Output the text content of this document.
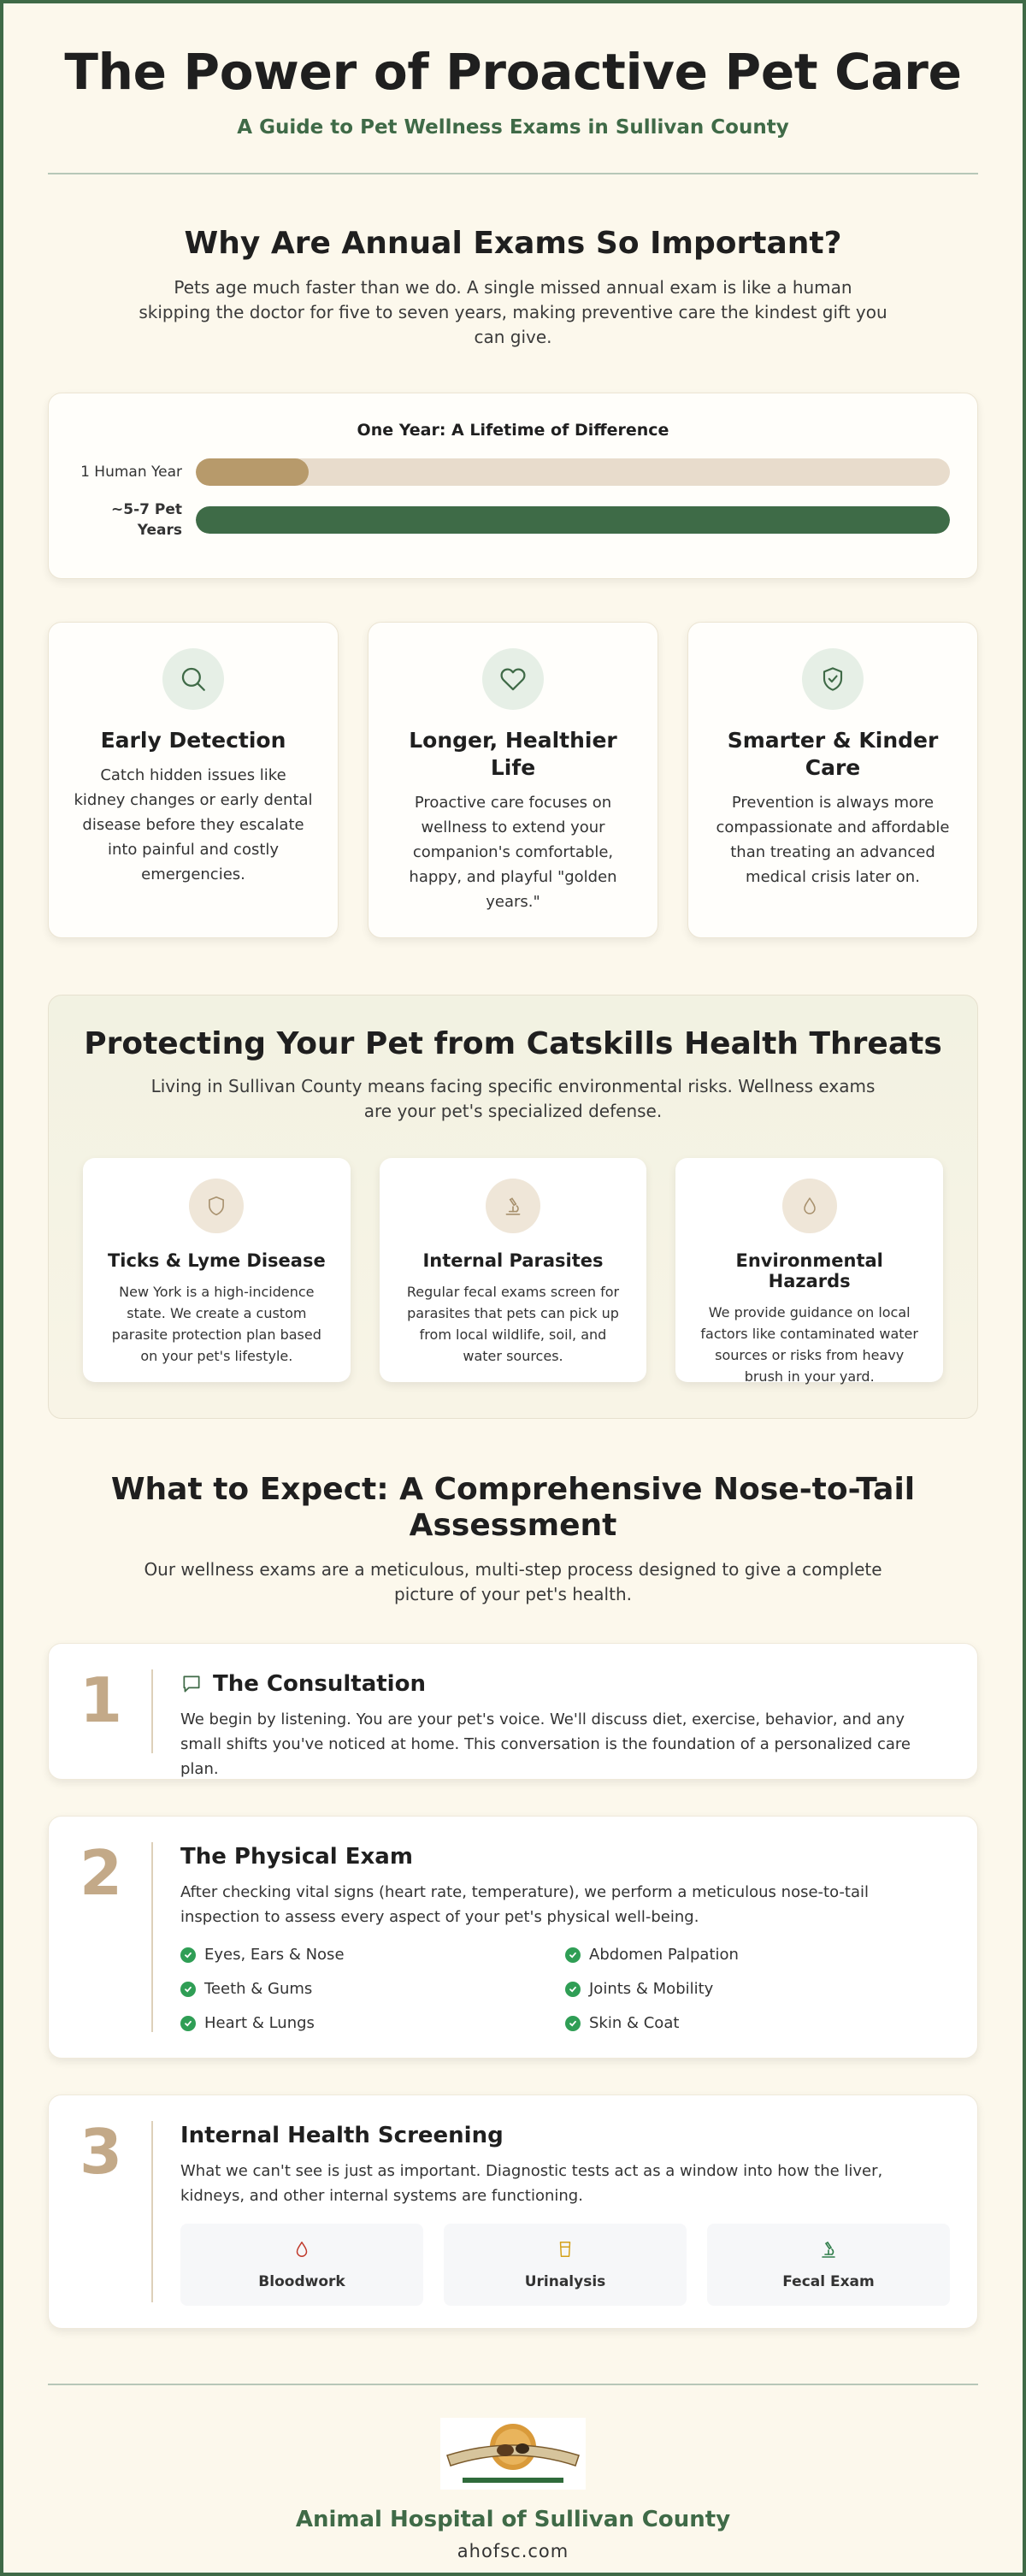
The Power of Proactive Pet Care
A Guide to Pet Wellness Exams in Sullivan County
Why Are Annual Exams So Important?
Pets age much faster than we do. A single missed annual exam is like a human skipping the doctor for five to seven years, making preventive care the kindest gift you can give.
One Year: A Lifetime of Difference
1 Human Year
~5-7 Pet Years
Early Detection

Catch hidden issues like kidney changes or early dental disease before they escalate into painful and costly emergencies.

Longer, Healthier Life

Proactive care focuses on wellness to extend your companion's comfortable, happy, and playful "golden years."

Smarter & Kinder Care

Prevention is always more compassionate and affordable than treating an advanced medical crisis later on.

Protecting Your Pet from Catskills Health Threats
Living in Sullivan County means facing specific environmental risks. Wellness exams are your pet's specialized defense.
Ticks & Lyme Disease

New York is a high-incidence state. We create a custom parasite protection plan based on your pet's lifestyle.

Internal Parasites

Regular fecal exams screen for parasites that pets can pick up from local wildlife, soil, and water sources.

Environmental Hazards

We provide guidance on local factors like contaminated water sources or risks from heavy brush in your yard.

What to Expect: A Comprehensive Nose-to-Tail Assessment
Our wellness exams are a meticulous, multi-step process designed to give a complete picture of your pet's health.
1	The Consultation

We begin by listening. You are your pet's voice. We'll discuss diet, exercise, behavior, and any small shifts you've noticed at home. This conversation is the foundation of a personalized care plan.

2	The Physical Exam

After checking vital signs (heart rate, temperature), we perform a meticulous nose-to-tail inspection to assess every aspect of your pet's physical well-being.

Eyes, Ears & Nose	Abdomen Palpation
Teeth & Gums	Joints & Mobility
Heart & Lungs	Skin & Coat
3	Internal Health Screening

What we can't see is just as important. Diagnostic tests act as a window into how the liver, kidneys, and other internal systems are functioning.

Bloodwork	Urinalysis	Fecal Exam
Animal Hospital of Sullivan County
ahofsc.com
